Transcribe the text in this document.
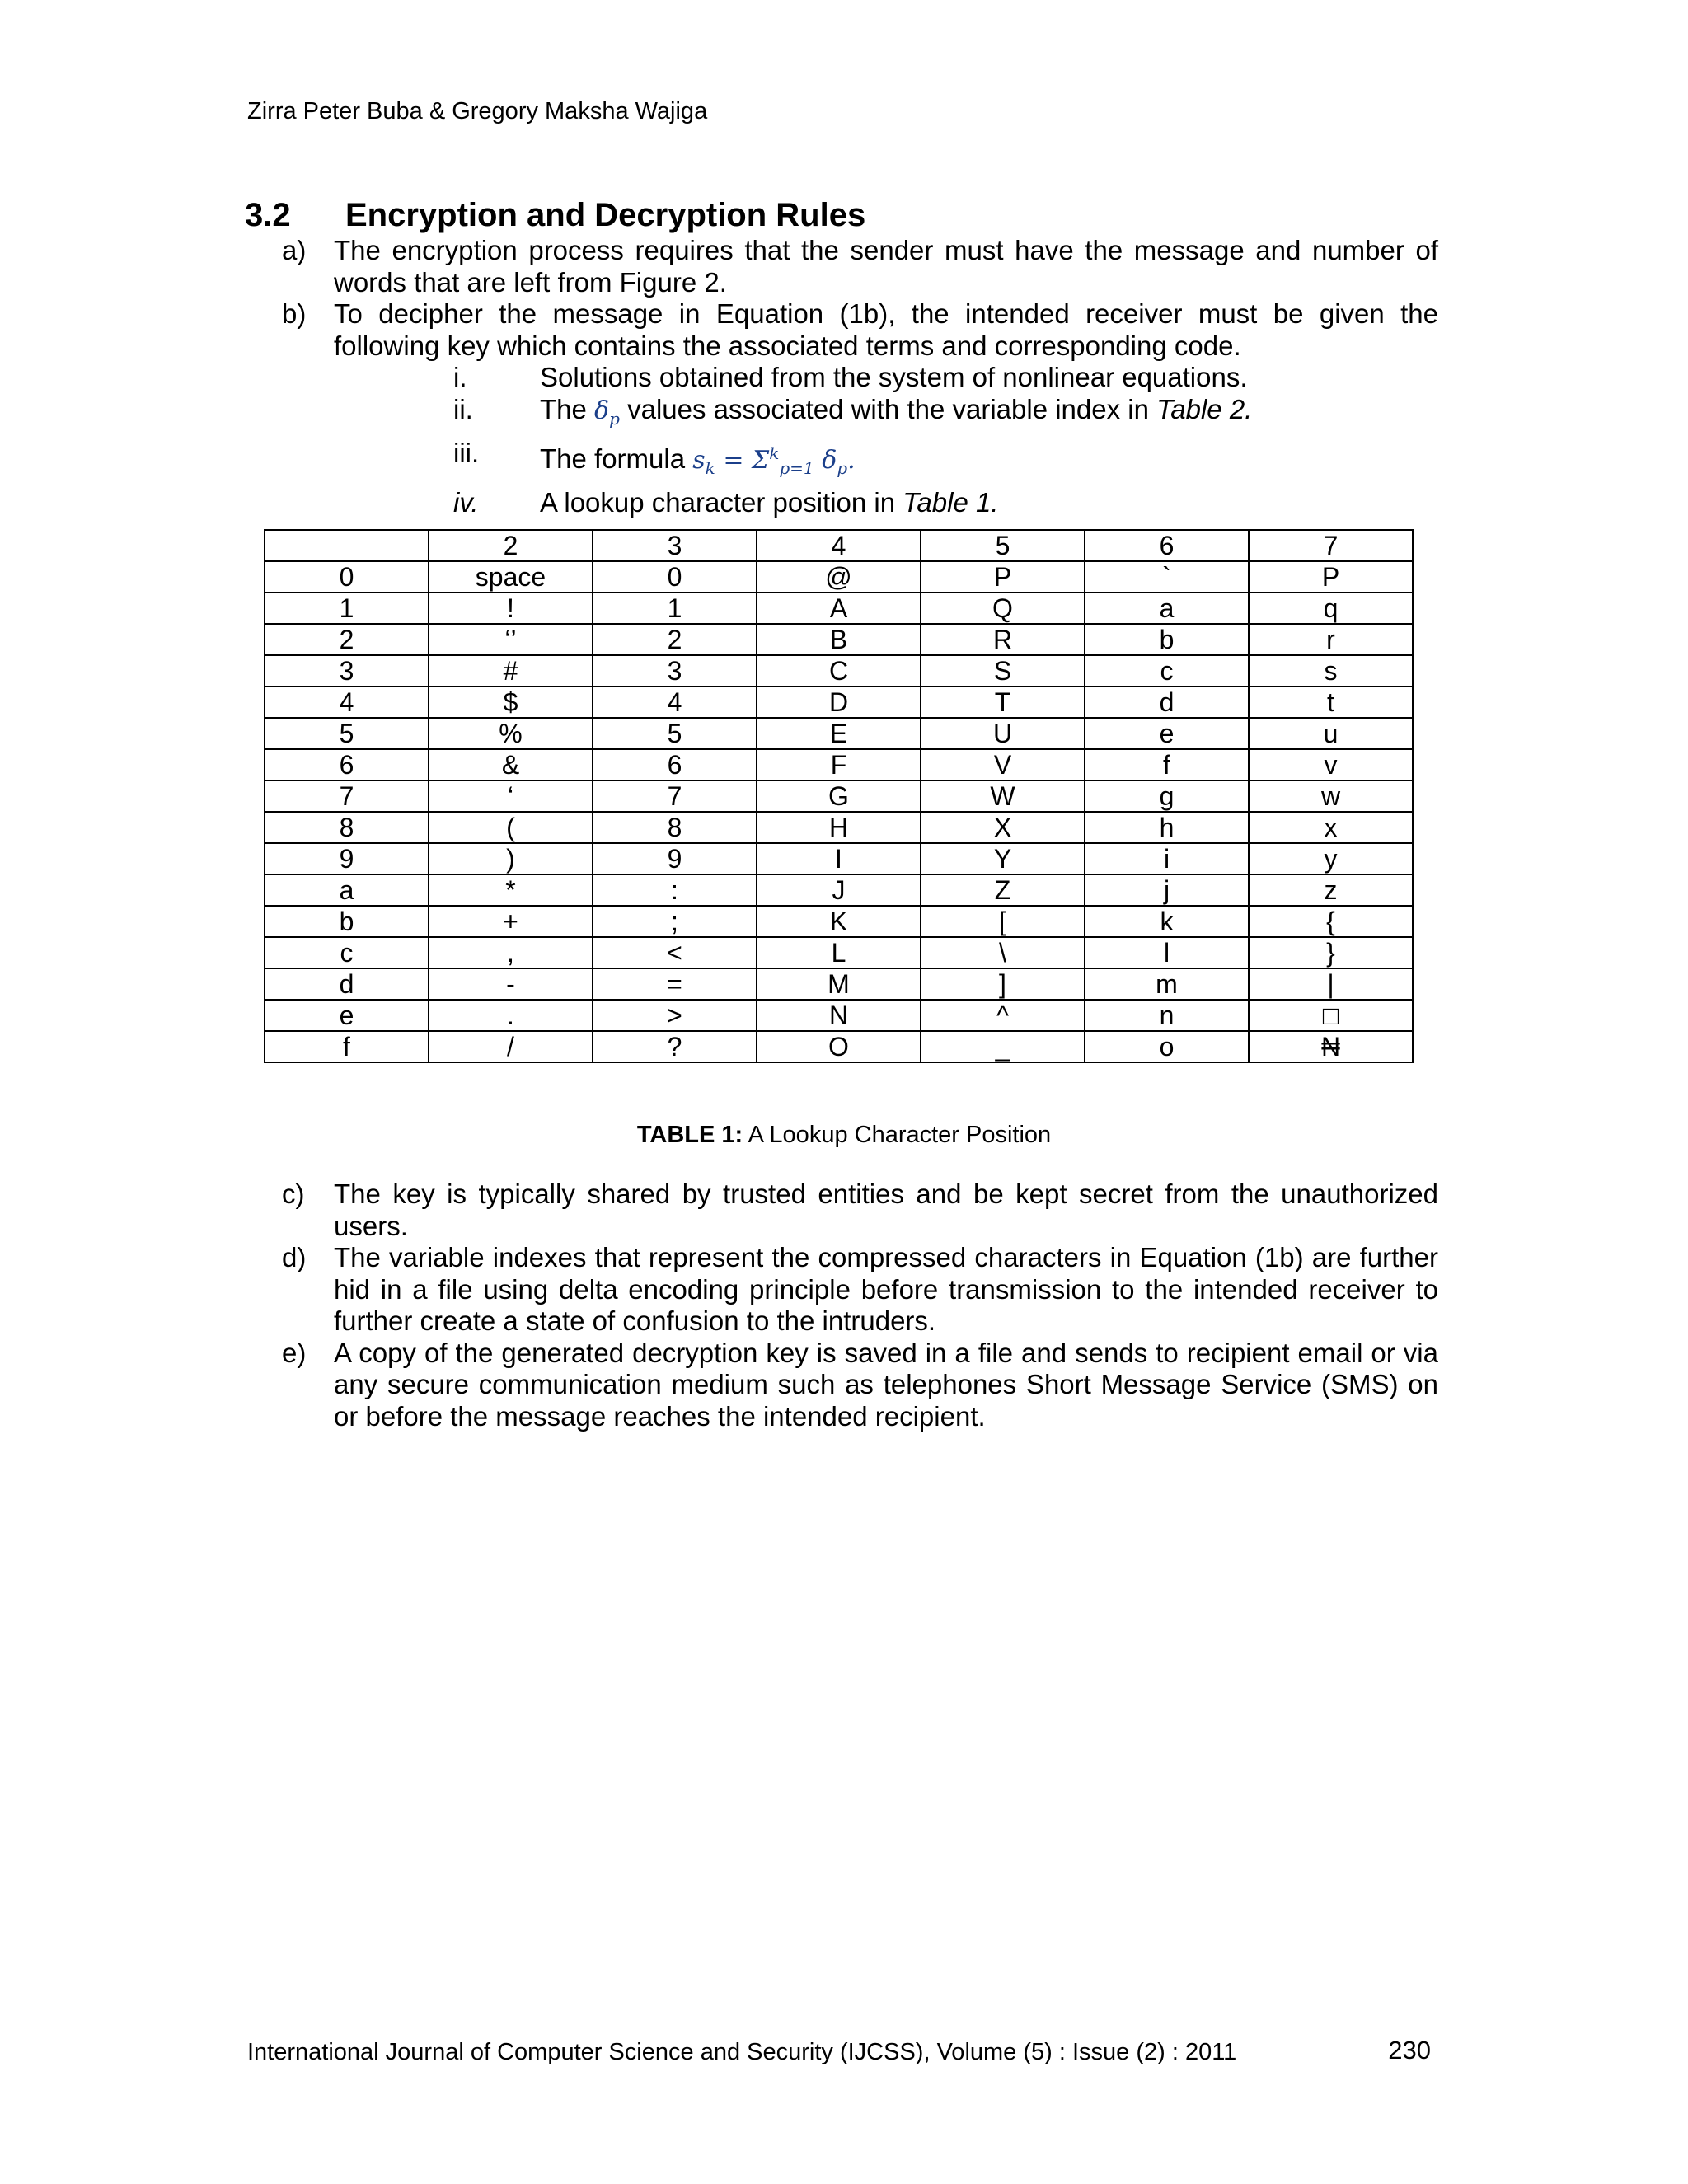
Zirra Peter Buba & Gregory Maksha Wajiga
3.2 Encryption and Decryption Rules
a) The encryption process requires that the sender must have the message and number of words that are left from Figure 2.
b) To decipher the message in Equation (1b), the intended receiver must be given the following key which contains the associated terms and corresponding code.
i.	Solutions obtained from the system of nonlinear equations.
ii. The $\delta_p$ values associated with the variable index in Table 2.
iii. The formula $s_k = \Sigma^k_{p=1}$ $\delta_p$.
iv. A lookup character position in Table 1.
	2	3	4	5	6	7
0	space	0	@	P	`	P
1	!	1	A	Q	a	q
2	‘’	2	B	R	b	r
3	#	3	C	S	c	s
4	$	4	D	T	d	t
5	%	5	E	U	e	u
6	&	6	F	V	f	v
7	‘	7	G	W	g	w
8	(	8	H	X	h	x
9	)	9	I	Y	i	y
a	*	:	J	Z	j	z
b	+	;	K	[	k	{
c	,	<	L	\	l	}
d	-	=	M	]	m	|
e	.	>	N	^	n	□
f	/	?	O	_	o	₦
TABLE 1: A Lookup Character Position
c) The key is typically shared by trusted entities and be kept secret from the unauthorized users.
d) The variable indexes that represent the compressed characters in Equation (1b) are further hid in a file using delta encoding principle before transmission to the intended receiver to further create a state of confusion to the intruders.
e) A copy of the generated decryption key is saved in a file and sends to recipient email or via any secure communication medium such as telephones Short Message Service (SMS) on or before the message reaches the intended recipient.
International Journal of Computer Science and Security (IJCSS), Volume (5) : Issue (2) : 2011	230
